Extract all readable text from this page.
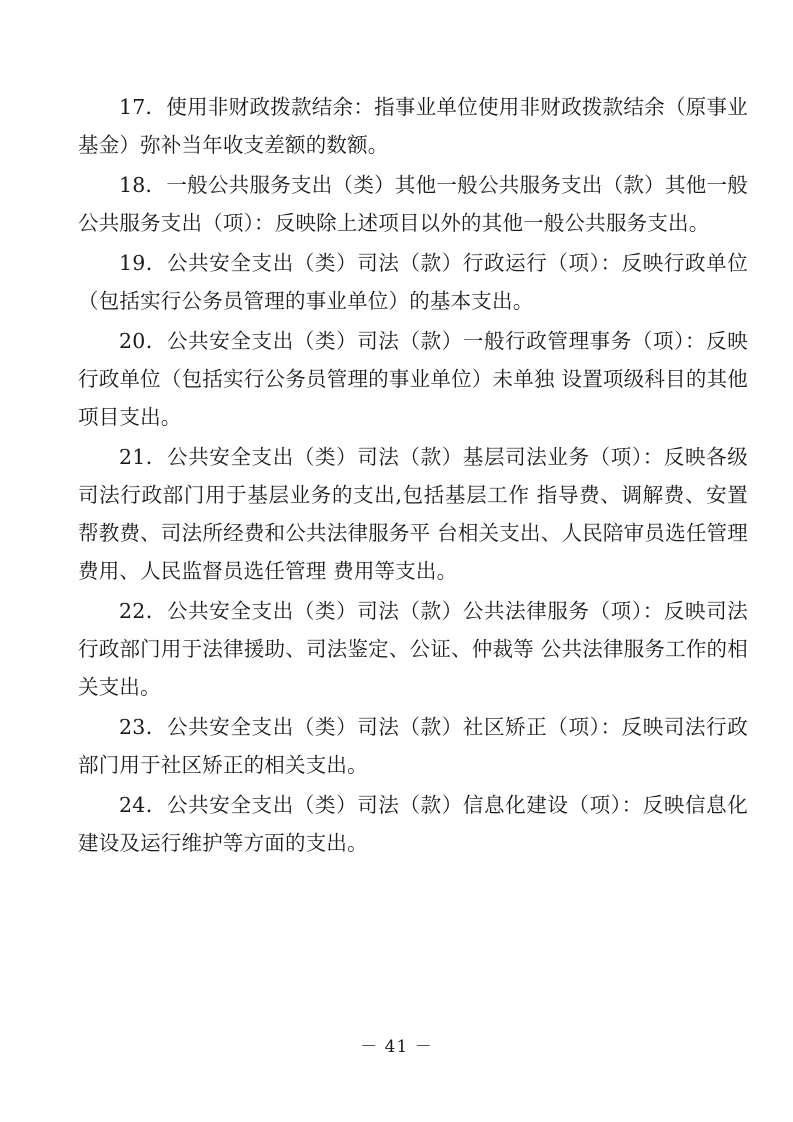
17．使用非财政拨款结余：指事业单位使用非财政拨款结余（原事业基金）弥补当年收支差额的数额。

18．一般公共服务支出（类）其他一般公共服务支出（款）其他一般公共服务支出（项）：反映除上述项目以外的其他一般公共服务支出。

19．公共安全支出（类）司法（款）行政运行（项）：反映行政单位（包括实行公务员管理的事业单位）的基本支出。

20．公共安全支出（类）司法（款）一般行政管理事务（项）：反映行政单位（包括实行公务员管理的事业单位）未单独 设置项级科目的其他项目支出。

21．公共安全支出（类）司法（款）基层司法业务（项）：反映各级司法行政部门用于基层业务的支出,包括基层工作 指导费、调解费、安置帮教费、司法所经费和公共法律服务平 台相关支出、人民陪审员选任管理费用、人民监督员选任管理 费用等支出。

22．公共安全支出（类）司法（款）公共法律服务（项）：反映司法行政部门用于法律援助、司法鉴定、公证、仲裁等 公共法律服务工作的相关支出。

23．公共安全支出（类）司法（款）社区矫正（项）：反映司法行政部门用于社区矫正的相关支出。

24．公共安全支出（类）司法（款）信息化建设（项）：反映信息化建设及运行维护等方面的支出。

－ 41 －
